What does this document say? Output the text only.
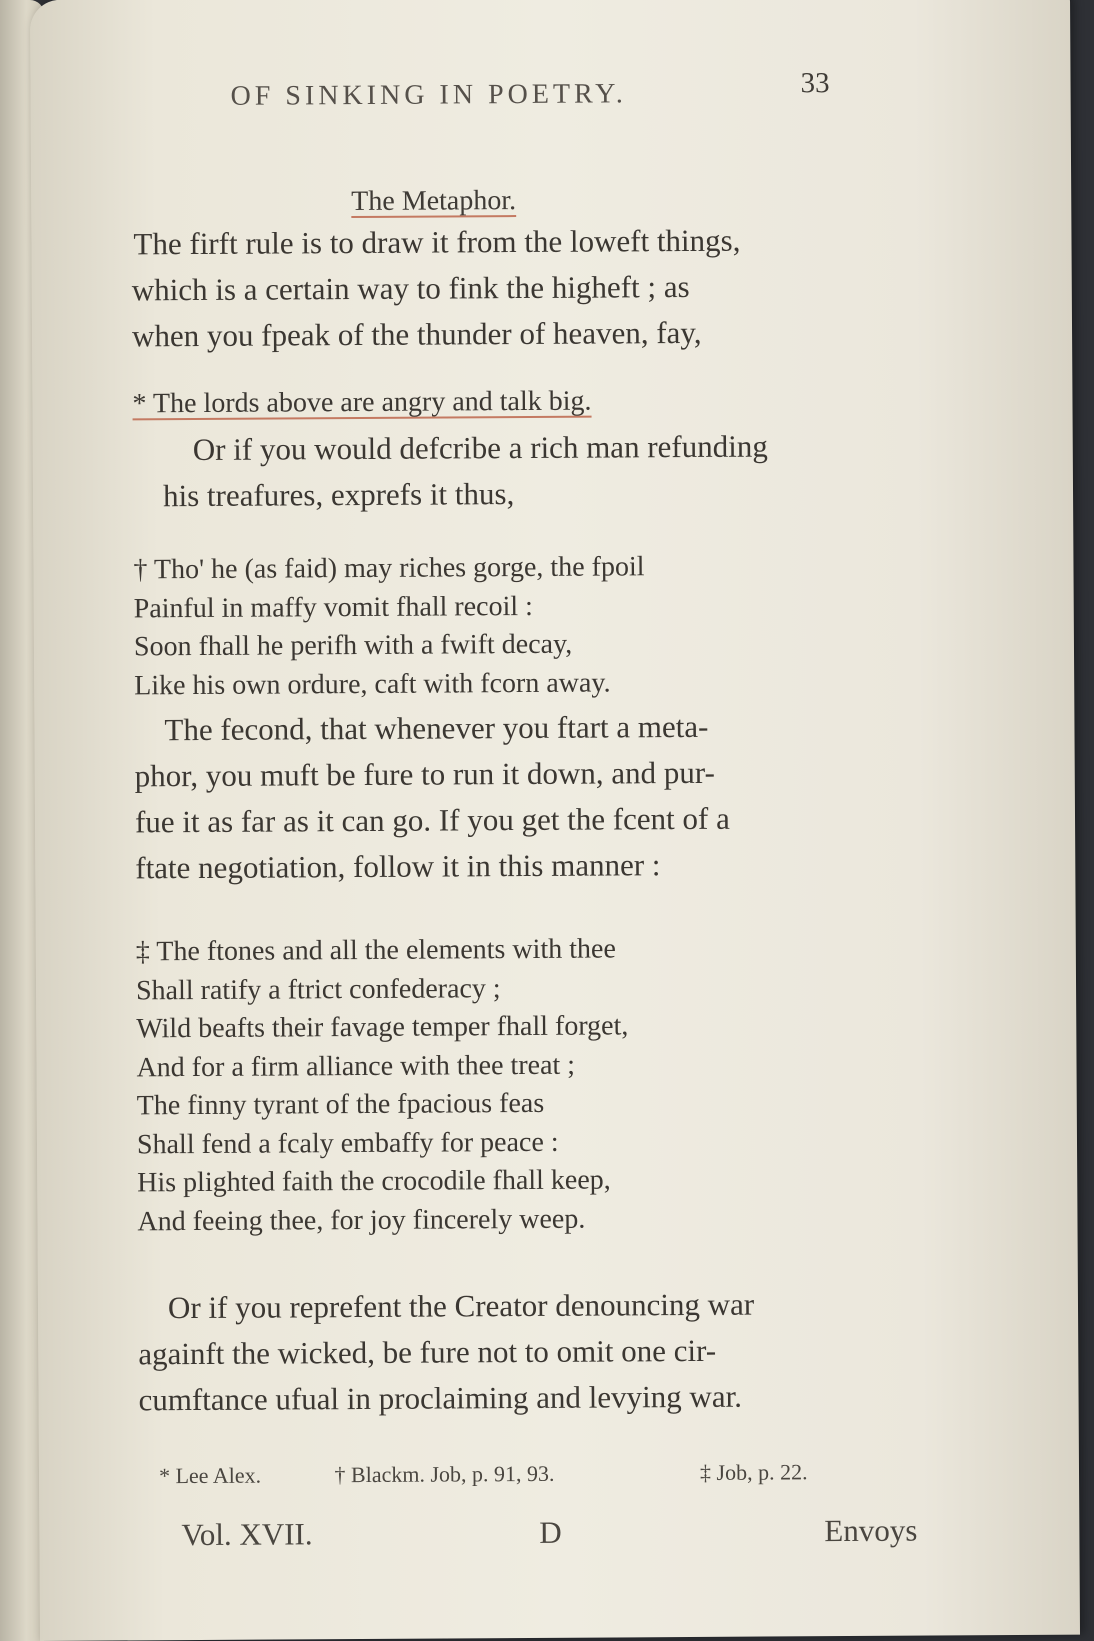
OF SINKING IN POETRY.	33
The Metaphor.
The firft rule is to draw it from the loweft things,
which is a certain way to fink the higheft ; as
when you fpeak of the thunder of heaven, fay,
* The lords above are angry and talk big.
Or if you would defcribe a rich man refunding
his treafures, exprefs it thus,
† Tho' he (as faid) may riches gorge, the fpoil
Painful in maffy vomit fhall recoil :
Soon fhall he perifh with a fwift decay,
Like his own ordure, caft with fcorn away.
The fecond, that whenever you ftart a meta-
phor, you muft be fure to run it down, and pur-
fue it as far as it can go. If you get the fcent of a
ftate negotiation, follow it in this manner :
‡ The ftones and all the elements with thee
Shall ratify a ftrict confederacy ;
Wild beafts their favage temper fhall forget,
And for a firm alliance with thee treat ;
The finny tyrant of the fpacious feas
Shall fend a fcaly embaffy for peace :
His plighted faith the crocodile fhall keep,
And feeing thee, for joy fincerely weep.
Or if you reprefent the Creator denouncing war
againft the wicked, be fure not to omit one cir-
cumftance ufual in proclaiming and levying war.
* Lee Alex.	† Blackm. Job, p. 91, 93.	‡ Job, p. 22.
Vol. XVII.	D	Envoys
